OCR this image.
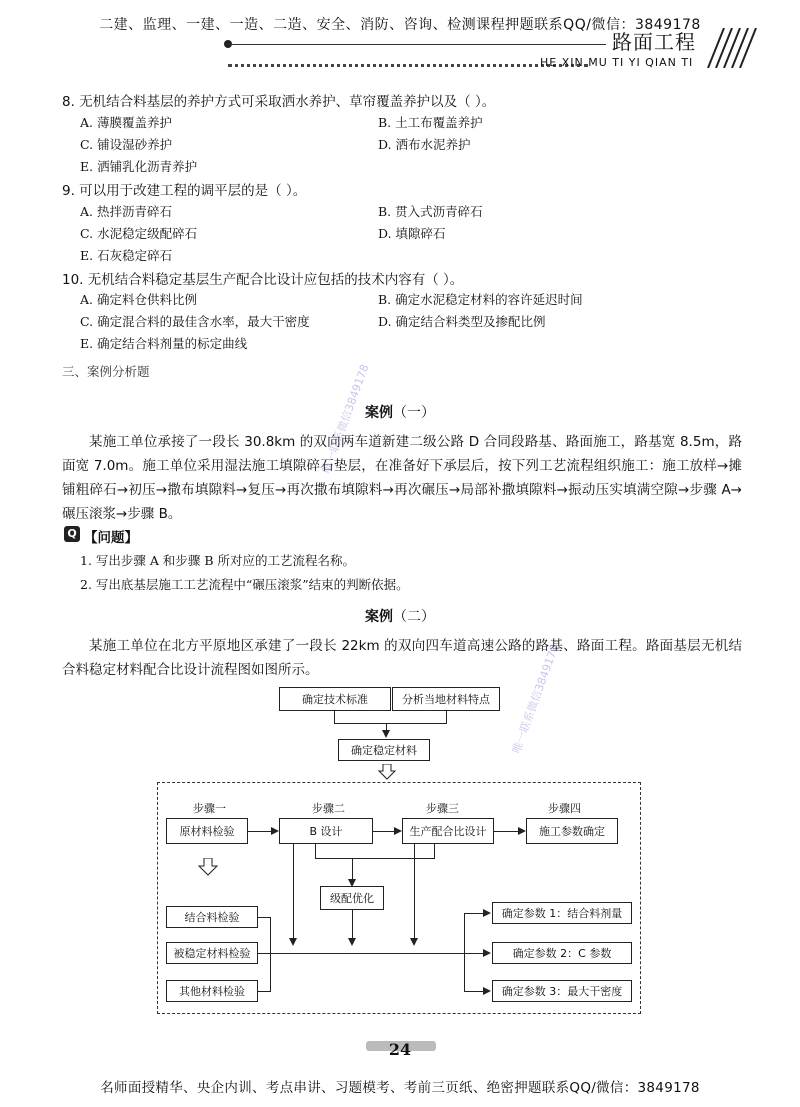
二建、监理、一建、一造、二造、安全、消防、咨询、检测课程押题联系QQ/微信：3849178
路面工程
HE XIN MU TI YI QIAN TI
8. 无机结合料基层的养护方式可采取洒水养护、草帘覆盖养护以及（ ）。
A. 薄膜覆盖养护	B. 土工布覆盖养护
C. 铺设湿砂养护	D. 洒布水泥养护
E. 洒铺乳化沥青养护
9. 可以用于改建工程的调平层的是（ ）。
A. 热拌沥青碎石	B. 贯入式沥青碎石
C. 水泥稳定级配碎石	D. 填隙碎石
E. 石灰稳定碎石
10. 无机结合料稳定基层生产配合比设计应包括的技术内容有（ ）。
A. 确定料仓供料比例	B. 确定水泥稳定材料的容许延迟时间
C. 确定混合料的最佳含水率，最大干密度	D. 确定结合料类型及掺配比例
E. 确定结合料剂量的标定曲线
三、案例分析题
案例（一）
某施工单位承接了一段长 30.8km 的双向两车道新建二级公路 D 合同段路基、路面施工，路基宽 8.5m，路面宽 7.0m。施工单位采用湿法施工填隙碎石垫层，在准备好下承层后，按下列工艺流程组织施工：施工放样→摊铺粗碎石→初压→撒布填隙料→复压→再次撒布填隙料→再次碾压→局部补撒填隙料→振动压实填满空隙→步骤 A→碾压滚浆→步骤 B。
Q 【问题】
1. 写出步骤 A 和步骤 B 所对应的工艺流程名称。
2. 写出底基层施工工艺流程中“碾压滚浆”结束的判断依据。
案例（二）
某施工单位在北方平原地区承建了一段长 22km 的双向四车道高速公路的路基、路面工程。路面基层无机结合料稳定材料配合比设计流程图如图所示。
确定技术标准	分析当地材料特点
确定稳定材料
步骤一	步骤二	步骤三	步骤四
原材料检验	B 设计	生产配合比设计	施工参数确定
级配优化
结合料检验
被稳定材料检验
其他材料检验
确定参数 1：结合料剂量
确定参数 2：C 参数
确定参数 3：最大干密度
唯一联系微信3849178
唯一联系微信3849178
24
名师面授精华、央企内训、考点串讲、习题模考、考前三页纸、绝密押题联系QQ/微信：3849178
